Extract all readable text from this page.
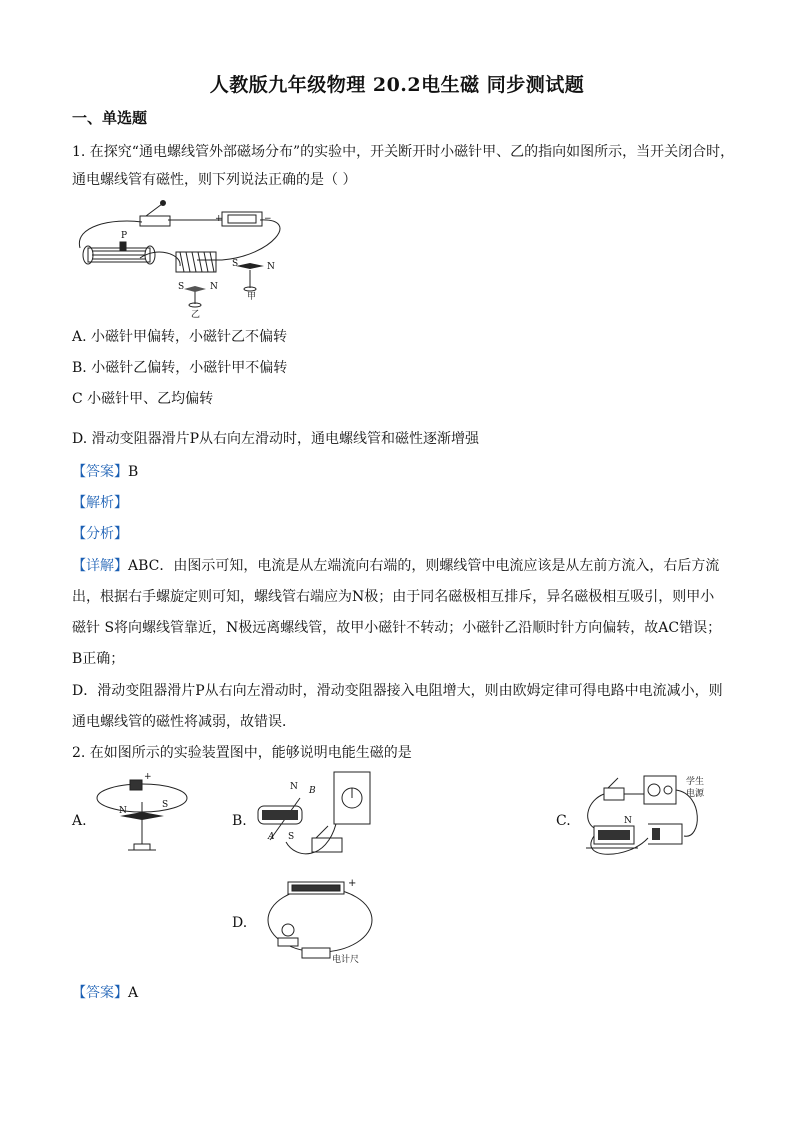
人教版九年级物理 20.2电生磁 同步测试题
一、单选题
1. 在探究“通电螺线管外部磁场分布”的实验中，开关断开时小磁针甲、乙的指向如图所示，当开关闭合时，
通电螺线管有磁性，则下列说法正确的是（ ）
P
+	−
S	N
S	N
甲
乙
A. 小磁针甲偏转，小磁针乙不偏转
B. 小磁针乙偏转，小磁针甲不偏转
C 小磁针甲、乙均偏转
D. 滑动变阻器滑片P从右向左滑动时，通电螺线管和磁性逐渐增强
【答案】B
【解析】
【分析】
【详解】ABC．由图示可知，电流是从左端流向右端的，则螺线管中电流应该是从左前方流入，右后方流
出，根据右手螺旋定则可知，螺线管右端应为N极；由于同名磁极相互排斥，异名磁极相互吸引，则甲小
磁针 S将向螺线管靠近，N极远离螺线管，故甲小磁针不转动；小磁针乙沿顺时针方向偏转，故AC错误；
B正确；
D．滑动变阻器滑片P从右向左滑动时，滑动变阻器接入电阻增大，则由欧姆定律可得电路中电流减小，则
通电螺线管的磁性将减弱，故错误．
2. 在如图所示的实验装置图中，能够说明电能生磁的是
A.
N
S
+
B.
N B
A S
C.
学生
电源
N
D.
+
电计尺
【答案】A
